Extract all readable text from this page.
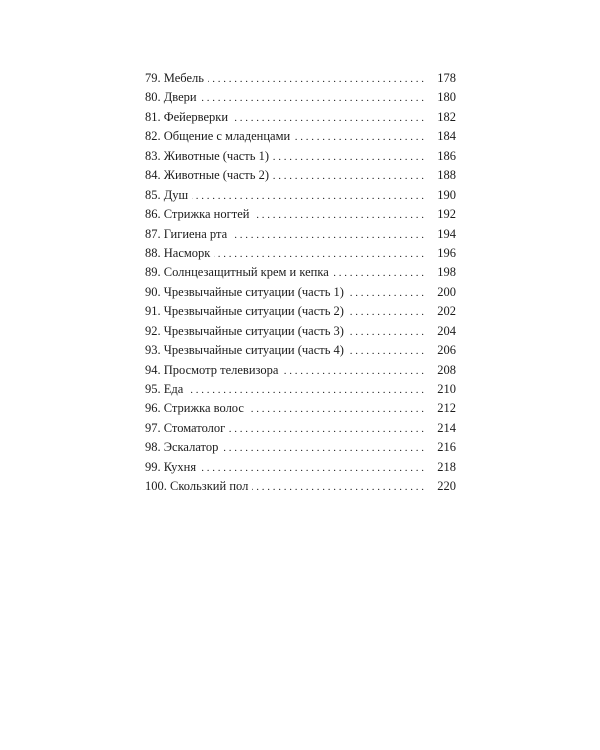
79. Мебель . . .	178
80. Двери . . .	180
81. Фейерверки . . .	182
82. Общение с младенцами . . .	184
83. Животные (часть 1) . . .	186
84. Животные (часть 2) . . .	188
85. Душ . . .	190
86. Стрижка ногтей . . .	192
87. Гигиена рта . . .	194
88. Насморк . . .	196
89. Солнцезащитный крем и кепка . . .	198
90. Чрезвычайные ситуации (часть 1) . . .	200
91. Чрезвычайные ситуации (часть 2) . . .	202
92. Чрезвычайные ситуации (часть 3) . . .	204
93. Чрезвычайные ситуации (часть 4) . . .	206
94. Просмотр телевизора . . .	208
95. Еда . . .	210
96. Стрижка волос . . .	212
97. Стоматолог . . .	214
98. Эскалатор . . .	216
99. Кухня . . .	218
100. Скользкий пол . . .	220
